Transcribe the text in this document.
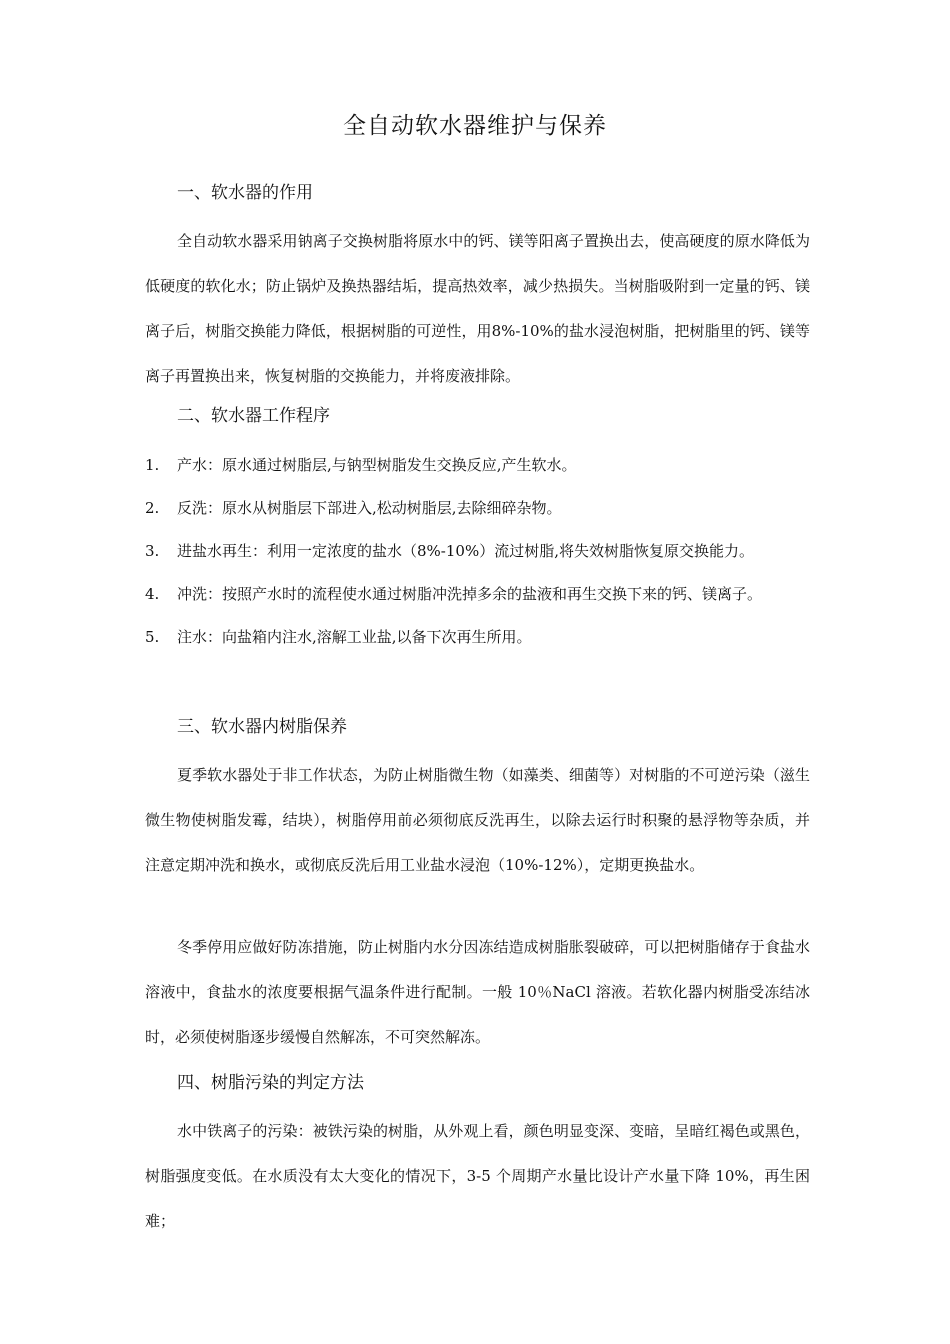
全自动软水器维护与保养
一、软水器的作用

全自动软水器采用钠离子交换树脂将原水中的钙、镁等阳离子置换出去，使高硬度的原水降低为低硬度的软化水；防止锅炉及换热器结垢，提高热效率，减少热损失。当树脂吸附到一定量的钙、镁离子后，树脂交换能力降低，根据树脂的可逆性，用8%-10%的盐水浸泡树脂，把树脂里的钙、镁等离子再置换出来，恢复树脂的交换能力，并将废液排除。

二、软水器工作程序
1. 产水：原水通过树脂层,与钠型树脂发生交换反应,产生软水。
2. 反洗：原水从树脂层下部进入,松动树脂层,去除细碎杂物。
3. 进盐水再生：利用一定浓度的盐水（8%-10%）流过树脂,将失效树脂恢复原交换能力。
4. 冲洗：按照产水时的流程使水通过树脂冲洗掉多余的盐液和再生交换下来的钙、镁离子。
5. 注水：向盐箱内注水,溶解工业盐,以备下次再生所用。
三、软水器内树脂保养

夏季软水器处于非工作状态，为防止树脂微生物（如藻类、细菌等）对树脂的不可逆污染（滋生微生物使树脂发霉，结块），树脂停用前必须彻底反洗再生，以除去运行时积聚的悬浮物等杂质，并注意定期冲洗和换水，或彻底反洗后用工业盐水浸泡（10%-12%），定期更换盐水。

冬季停用应做好防冻措施，防止树脂内水分因冻结造成树脂胀裂破碎，可以把树脂储存于食盐水溶液中，食盐水的浓度要根据气温条件进行配制。一般 10％NaCl 溶液。若软化器内树脂受冻结冰时，必须使树脂逐步缓慢自然解冻，不可突然解冻。

四、树脂污染的判定方法

水中铁离子的污染：被铁污染的树脂，从外观上看，颜色明显变深、变暗，呈暗红褐色或黑色，树脂强度变低。在水质没有太大变化的情况下，3-5 个周期产水量比设计产水量下降 10%，再生困难；
